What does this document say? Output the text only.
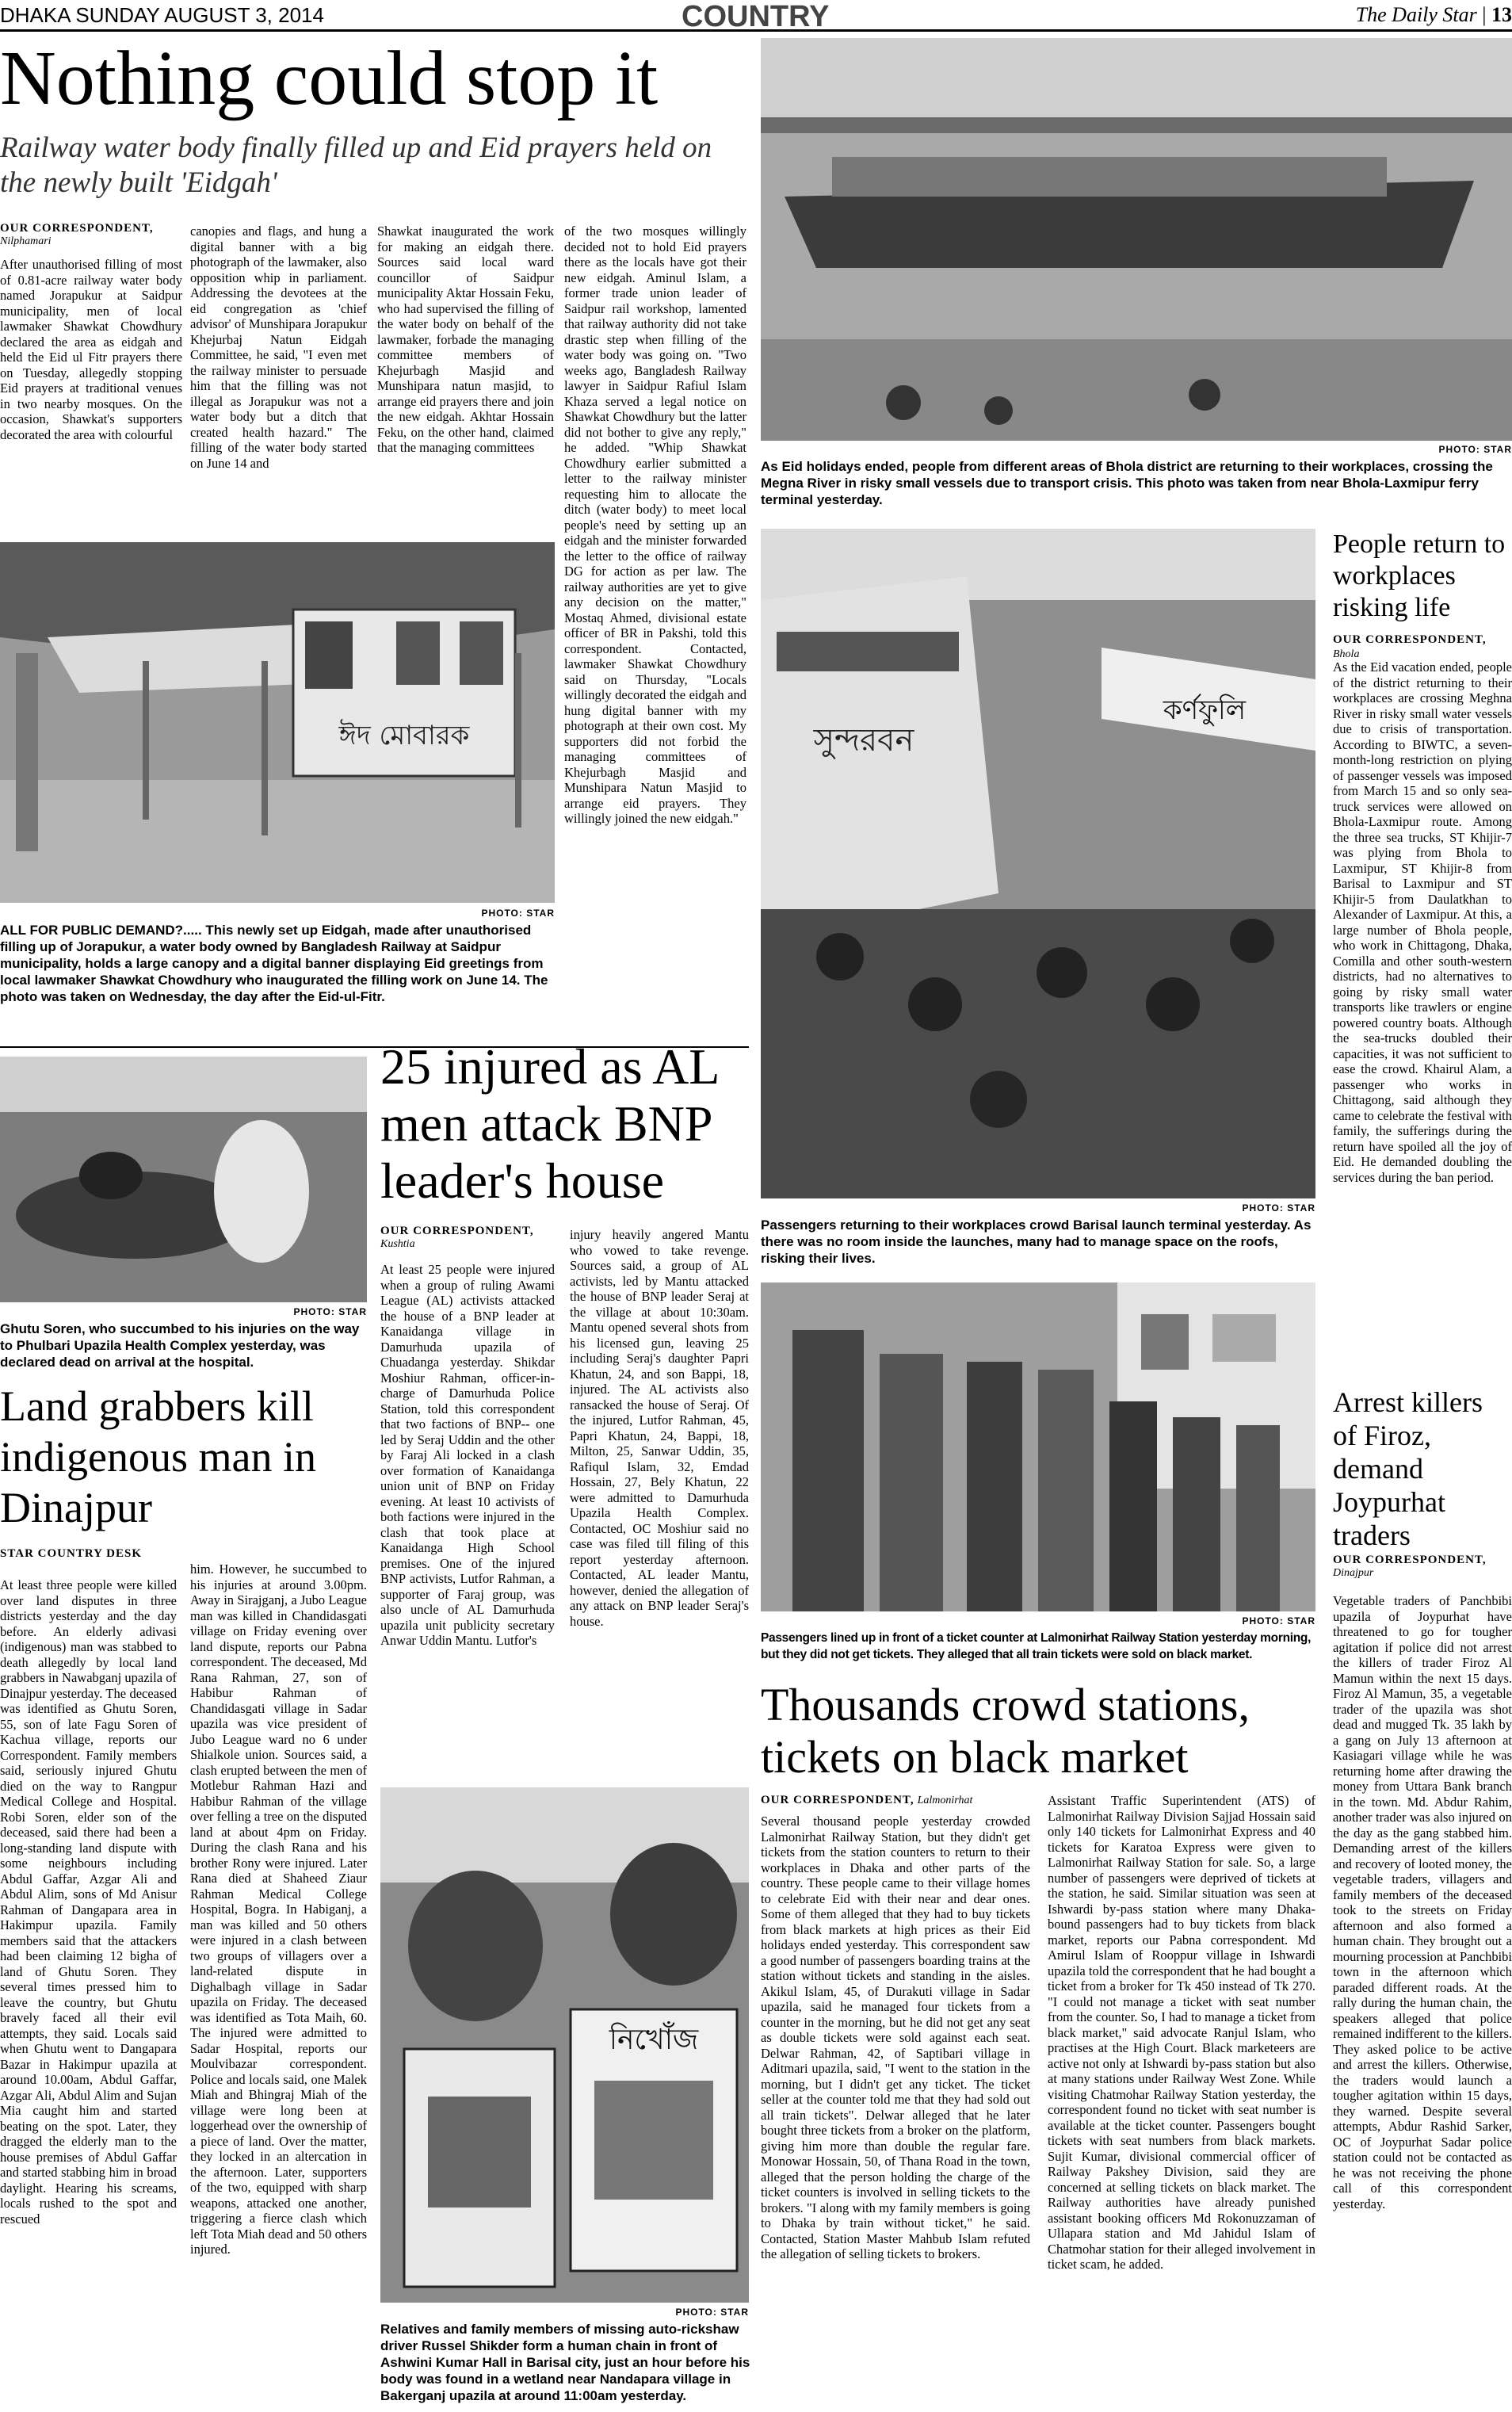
DHAKA SUNDAY AUGUST 3, 2014	COUNTRY	The Daily Star | 13
Nothing could stop it
Railway water body finally filled up and Eid prayers held on the newly built 'Eidgah'
OUR CORRESPONDENT,
Nilphamari
After unauthorised filling of most of 0.81-acre railway water body named Jorapukur at Saidpur municipality, men of local lawmaker Shawkat Chowdhury declared the area as eidgah and held the Eid ul Fitr prayers there on Tuesday, allegedly stopping Eid prayers at traditional venues in two nearby mosques. On the occasion, Shawkat's supporters decorated the area with colourful
canopies and flags, and hung a digital banner with a big photograph of the lawmaker, also opposition whip in parliament. Addressing the devotees at the eid congregation as 'chief advisor' of Munshipara Jorapukur Khejurbaj Natun Eidgah Committee, he said, "I even met the railway minister to persuade him that the filling was not illegal as Jorapukur was not a water body but a ditch that created health hazard." The filling of the water body started on June 14 and
Shawkat inaugurated the work for making an eidgah there. Sources said local ward councillor of Saidpur municipality Aktar Hossain Feku, who had supervised the filling of the water body on behalf of the lawmaker, forbade the managing committee members of Khejurbagh Masjid and Munshipara natun masjid, to arrange eid prayers there and join the new eidgah. Akhtar Hossain Feku, on the other hand, claimed that the managing committees
of the two mosques willingly decided not to hold Eid prayers there as the locals have got their new eidgah. Aminul Islam, a former trade union leader of Saidpur rail workshop, lamented that railway authority did not take drastic step when filling of the water body was going on. "Two weeks ago, Bangladesh Railway lawyer in Saidpur Rafiul Islam Khaza served a legal notice on Shawkat Chowdhury but the latter did not bother to give any reply," he added. "Whip Shawkat Chowdhury earlier submitted a letter to the railway minister requesting him to allocate the ditch (water body) to meet local people's need by setting up an eidgah and the minister forwarded the letter to the office of railway DG for action as per law. The railway authorities are yet to give any decision on the matter," Mostaq Ahmed, divisional estate officer of BR in Pakshi, told this correspondent. Contacted, lawmaker Shawkat Chowdhury said on Thursday, "Locals willingly decorated the eidgah and hung digital banner with my photograph at their own cost. My supporters did not forbid the managing committees of Khejurbagh Masjid and Munshipara Natun Masjid to arrange eid prayers. They willingly joined the new eidgah."
ঈদ মোবারক
PHOTO: STAR
ALL FOR PUBLIC DEMAND?..... This newly set up Eidgah, made after unauthorised filling up of Jorapukur, a water body owned by Bangladesh Railway at Saidpur municipality, holds a large canopy and a digital banner displaying Eid greetings from local lawmaker Shawkat Chowdhury who inaugurated the filling work on June 14. The photo was taken on Wednesday, the day after the Eid-ul-Fitr.
PHOTO: STAR
Ghutu Soren, who succumbed to his injuries on the way to Phulbari Upazila Health Complex yesterday, was declared dead on arrival at the hospital.
Land grabbers kill indigenous man in Dinajpur
STAR COUNTRY DESK
At least three people were killed over land disputes in three districts yesterday and the day before. An elderly adivasi (indigenous) man was stabbed to death allegedly by local land grabbers in Nawabganj upazila of Dinajpur yesterday. The deceased was identified as Ghutu Soren, 55, son of late Fagu Soren of Kachua village, reports our Correspondent. Family members said, seriously injured Ghutu died on the way to Rangpur Medical College and Hospital. Robi Soren, elder son of the deceased, said there had been a long-standing land dispute with some neighbours including Abdul Gaffar, Azgar Ali and Abdul Alim, sons of Md Anisur Rahman of Dangapara area in Hakimpur upazila. Family members said that the attackers had been claiming 12 bigha of land of Ghutu Soren. They several times pressed him to leave the country, but Ghutu bravely faced all their evil attempts, they said. Locals said when Ghutu went to Dangapara Bazar in Hakimpur upazila at around 10.00am, Abdul Gaffar, Azgar Ali, Abdul Alim and Sujan Mia caught him and started beating on the spot. Later, they dragged the elderly man to the house premises of Abdul Gaffar and started stabbing him in broad daylight. Hearing his screams, locals rushed to the spot and rescued
him. However, he succumbed to his injuries at around 3.00pm. Away in Sirajganj, a Jubo League man was killed in Chandidasgati village on Friday evening over land dispute, reports our Pabna correspondent. The deceased, Md Rana Rahman, 27, son of Habibur Rahman of Chandidasgati village in Sadar upazila was vice president of Jubo League ward no 6 under Shialkole union. Sources said, a clash erupted between the men of Motlebur Rahman Hazi and Habibur Rahman of the village over felling a tree on the disputed land at about 4pm on Friday. During the clash Rana and his brother Rony were injured. Later Rana died at Shaheed Ziaur Rahman Medical College Hospital, Bogra. In Habiganj, a man was killed and 50 others were injured in a clash between two groups of villagers over a land-related dispute in Dighalbagh village in Sadar upazila on Friday. The deceased was identified as Tota Maih, 60. The injured were admitted to Sadar Hospital, reports our Moulvibazar correspondent. Police and locals said, one Malek Miah and Bhingraj Miah of the village were long been at loggerhead over the ownership of a piece of land. Over the matter, they locked in an altercation in the afternoon. Later, supporters of the two, equipped with sharp weapons, attacked one another, triggering a fierce clash which left Tota Miah dead and 50 others injured.
25 injured as AL men attack BNP leader's house
OUR CORRESPONDENT,
Kushtia
At least 25 people were injured when a group of ruling Awami League (AL) activists attacked the house of a BNP leader at Kanaidanga village in Damurhuda upazila of Chuadanga yesterday. Shikdar Moshiur Rahman, officer-in-charge of Damurhuda Police Station, told this correspondent that two factions of BNP-- one led by Seraj Uddin and the other by Faraj Ali locked in a clash over formation of Kanaidanga union unit of BNP on Friday evening. At least 10 activists of both factions were injured in the clash that took place at Kanaidanga High School premises. One of the injured BNP activists, Lutfor Rahman, a supporter of Faraj group, was also uncle of AL Damurhuda upazila unit publicity secretary Anwar Uddin Mantu. Lutfor's
injury heavily angered Mantu who vowed to take revenge. Sources said, a group of AL activists, led by Mantu attacked the house of BNP leader Seraj at the village at about 10:30am. Mantu opened several shots from his licensed gun, leaving 25 including Seraj's daughter Papri Khatun, 24, and son Bappi, 18, injured. The AL activists also ransacked the house of Seraj. Of the injured, Lutfor Rahman, 45, Papri Khatun, 24, Bappi, 18, Milton, 25, Sanwar Uddin, 35, Rafiqul Islam, 32, Emdad Hossain, 27, Bely Khatun, 22 were admitted to Damurhuda Upazila Health Complex. Contacted, OC Moshiur said no case was filed till filing of this report yesterday afternoon. Contacted, AL leader Mantu, however, denied the allegation of any attack on BNP leader Seraj's house.
নিখোঁজ
PHOTO: STAR
Relatives and family members of missing auto-rickshaw driver Russel Shikder form a human chain in front of Ashwini Kumar Hall in Barisal city, just an hour before his body was found in a wetland near Nandapara village in Bakerganj upazila at around 11:00am yesterday.
PHOTO: STAR
As Eid holidays ended, people from different areas of Bhola district are returning to their workplaces, crossing the Megna River in risky small vessels due to transport crisis. This photo was taken from near Bhola-Laxmipur ferry terminal yesterday.
সুন্দরবন
কর্ণফুলি
PHOTO: STAR
Passengers returning to their workplaces crowd Barisal launch terminal yesterday. As there was no room inside the launches, many had to manage space on the roofs, risking their lives.
PHOTO: STAR
Passengers lined up in front of a ticket counter at Lalmonirhat Railway Station yesterday morning, but they did not get tickets. They alleged that all train tickets were sold on black market.
Thousands crowd stations, tickets on black market
OUR CORRESPONDENT, Lalmonirhat
Several thousand people yesterday crowded Lalmonirhat Railway Station, but they didn't get tickets from the station counters to return to their workplaces in Dhaka and other parts of the country. These people came to their village homes to celebrate Eid with their near and dear ones. Some of them alleged that they had to buy tickets from black markets at high prices as their Eid holidays ended yesterday. This correspondent saw a good number of passengers boarding trains at the station without tickets and standing in the aisles. Akikul Islam, 45, of Durakuti village in Sadar upazila, said he managed four tickets from a counter in the morning, but he did not get any seat as double tickets were sold against each seat. Delwar Rahman, 42, of Saptibari village in Aditmari upazila, said, "I went to the station in the morning, but I didn't get any ticket. The ticket seller at the counter told me that they had sold out all train tickets". Delwar alleged that he later bought three tickets from a broker on the platform, giving him more than double the regular fare. Monowar Hossain, 50, of Thana Road in the town, alleged that the person holding the charge of the ticket counters is involved in selling tickets to the brokers. "I along with my family members is going to Dhaka by train without ticket," he said. Contacted, Station Master Mahbub Islam refuted the allegation of selling tickets to brokers.
Assistant Traffic Superintendent (ATS) of Lalmonirhat Railway Division Sajjad Hossain said only 140 tickets for Lalmonirhat Express and 40 tickets for Karatoa Express were given to Lalmonirhat Railway Station for sale. So, a large number of passengers were deprived of tickets at the station, he said. Similar situation was seen at Ishwardi by-pass station where many Dhaka-bound passengers had to buy tickets from black market, reports our Pabna correspondent. Md Amirul Islam of Rooppur village in Ishwardi upazila told the correspondent that he had bought a ticket from a broker for Tk 450 instead of Tk 270. "I could not manage a ticket with seat number from the counter. So, I had to manage a ticket from black market," said advocate Ranjul Islam, who practises at the High Court. Black marketeers are active not only at Ishwardi by-pass station but also at many stations under Railway West Zone. While visiting Chatmohar Railway Station yesterday, the correspondent found no ticket with seat number is available at the ticket counter. Passengers bought tickets with seat numbers from black markets. Sujit Kumar, divisional commercial officer of Railway Pakshey Division, said they are concerned at selling tickets on black market. The Railway authorities have already punished assistant booking officers Md Rokonuzzaman of Ullapara station and Md Jahidul Islam of Chatmohar station for their alleged involvement in ticket scam, he added.
People return to workplaces risking life
OUR CORRESPONDENT, Bhola
As the Eid vacation ended, people of the district returning to their workplaces are crossing Meghna River in risky small water vessels due to crisis of transportation. According to BIWTC, a seven-month-long restriction on plying of passenger vessels was imposed from March 15 and so only sea-truck services were allowed on Bhola-Laxmipur route. Among the three sea trucks, ST Khijir-7 was plying from Bhola to Laxmipur, ST Khijir-8 from Barisal to Laxmipur and ST Khijir-5 from Daulatkhan to Alexander of Laxmipur. At this, a large number of Bhola people, who work in Chittagong, Dhaka, Comilla and other south-western districts, had no alternatives to going by risky small water transports like trawlers or engine powered country boats. Although the sea-trucks doubled their capacities, it was not sufficient to ease the crowd. Khairul Alam, a passenger who works in Chittagong, said although they came to celebrate the festival with family, the sufferings during the return have spoiled all the joy of Eid. He demanded doubling the services during the ban period.
Arrest killers of Firoz, demand Joypurhat traders
OUR CORRESPONDENT,
Dinajpur
Vegetable traders of Panchbibi upazila of Joypurhat have threatened to go for tougher agitation if police did not arrest the killers of trader Firoz Al Mamun within the next 15 days. Firoz Al Mamun, 35, a vegetable trader of the upazila was shot dead and mugged Tk. 35 lakh by a gang on July 13 afternoon at Kasiagari village while he was returning home after drawing the money from Uttara Bank branch in the town. Md. Abdur Rahim, another trader was also injured on the day as the gang stabbed him. Demanding arrest of the killers and recovery of looted money, the vegetable traders, villagers and family members of the deceased took to the streets on Friday afternoon and also formed a human chain. They brought out a mourning procession at Panchbibi town in the afternoon which paraded different roads. At the rally during the human chain, the speakers alleged that police remained indifferent to the killers. They asked police to be active and arrest the killers. Otherwise, the traders would launch a tougher agitation within 15 days, they warned. Despite several attempts, Abdur Rashid Sarker, OC of Joypurhat Sadar police station could not be contacted as he was not receiving the phone call of this correspondent yesterday.
